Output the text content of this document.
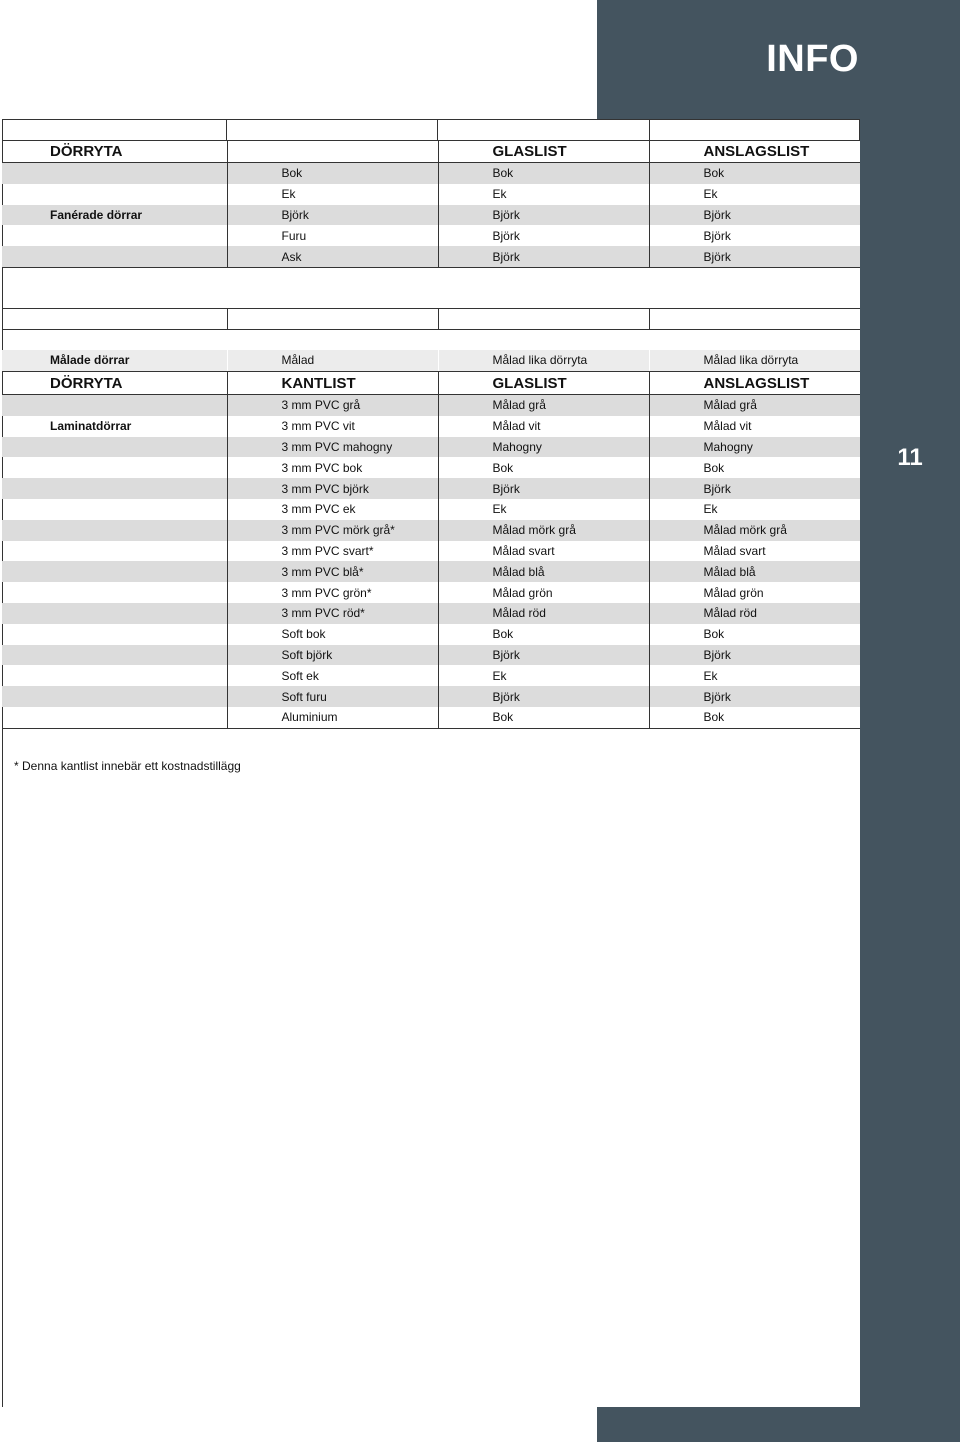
INFO
11
DÖRRYTA		GLASLIST	ANSLAGSLIST
	Bok	Bok	Bok
	Ek	Ek	Ek
Fanérade dörrar	Björk	Björk	Björk
	Furu	Björk	Björk
	Ask	Björk	Björk
Målade dörrar	Målad	Målad lika dörryta	Målad lika dörryta
DÖRRYTA	KANTLIST	GLASLIST	ANSLAGSLIST
	3 mm PVC grå	Målad grå	Målad grå
Laminatdörrar	3 mm PVC vit	Målad vit	Målad vit
	3 mm PVC mahogny	Mahogny	Mahogny
	3 mm PVC bok	Bok	Bok
	3 mm PVC björk	Björk	Björk
	3 mm PVC ek	Ek	Ek
	3 mm PVC mörk grå*	Målad mörk grå	Målad mörk grå
	3 mm PVC svart*	Målad svart	Målad svart
	3 mm PVC blå*	Målad blå	Målad blå
	3 mm PVC grön*	Målad grön	Målad grön
	3 mm PVC röd*	Målad röd	Målad röd
	Soft bok	Bok	Bok
	Soft björk	Björk	Björk
	Soft ek	Ek	Ek
	Soft furu	Björk	Björk
	Aluminium	Bok	Bok
* Denna kantlist innebär ett kostnadstillägg
